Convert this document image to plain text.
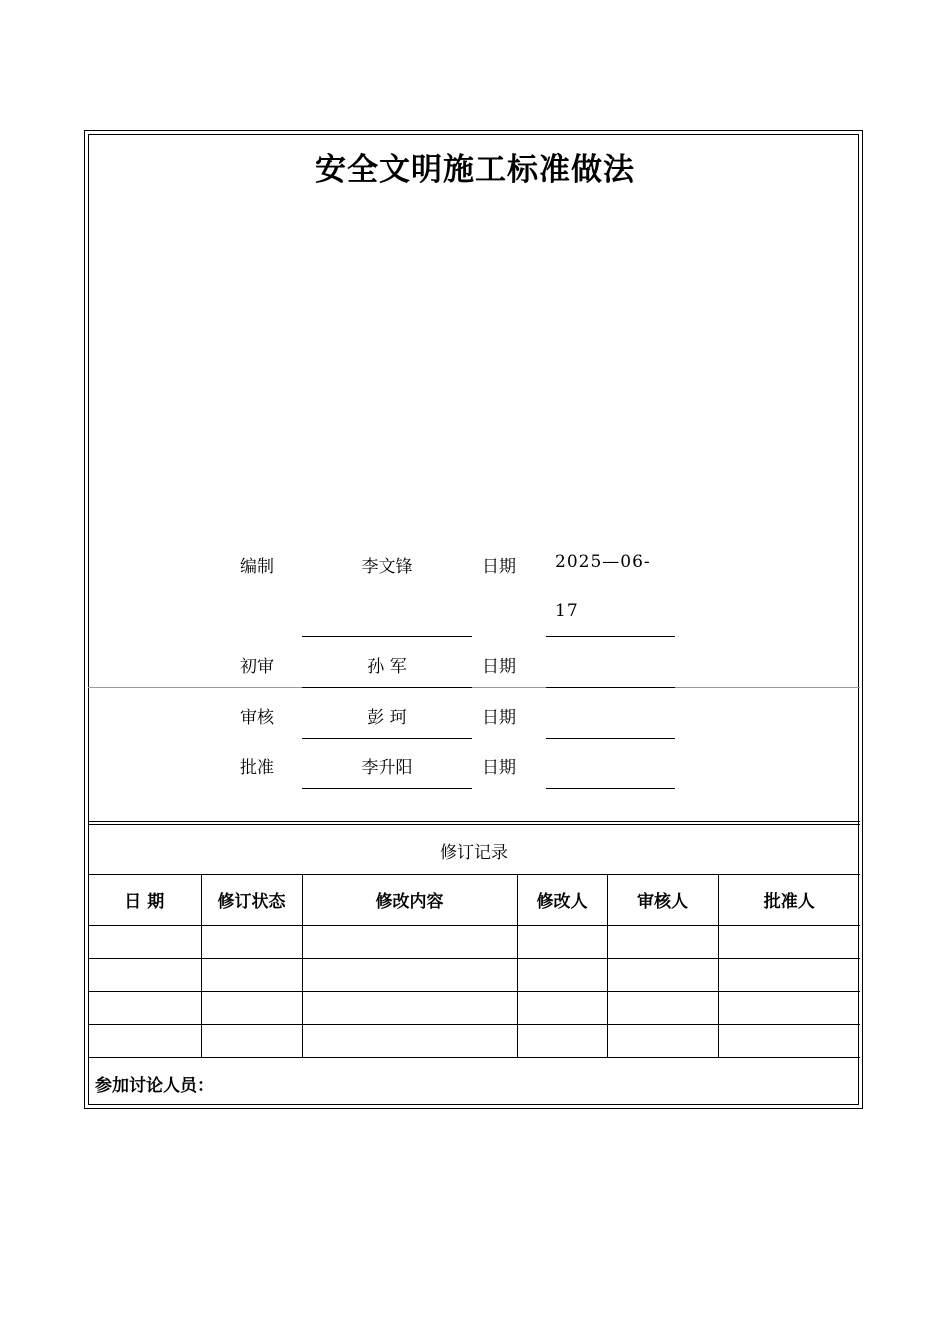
安全文明施工标准做法
编制	李文锋	日期 2025—06-
17
初审	孙 军	日期
审核	彭 珂	日期
批准	李升阳	日期
修订记录
日 期	修订状态	修改内容	修改人	审核人	批准人

参加讨论人员：					
